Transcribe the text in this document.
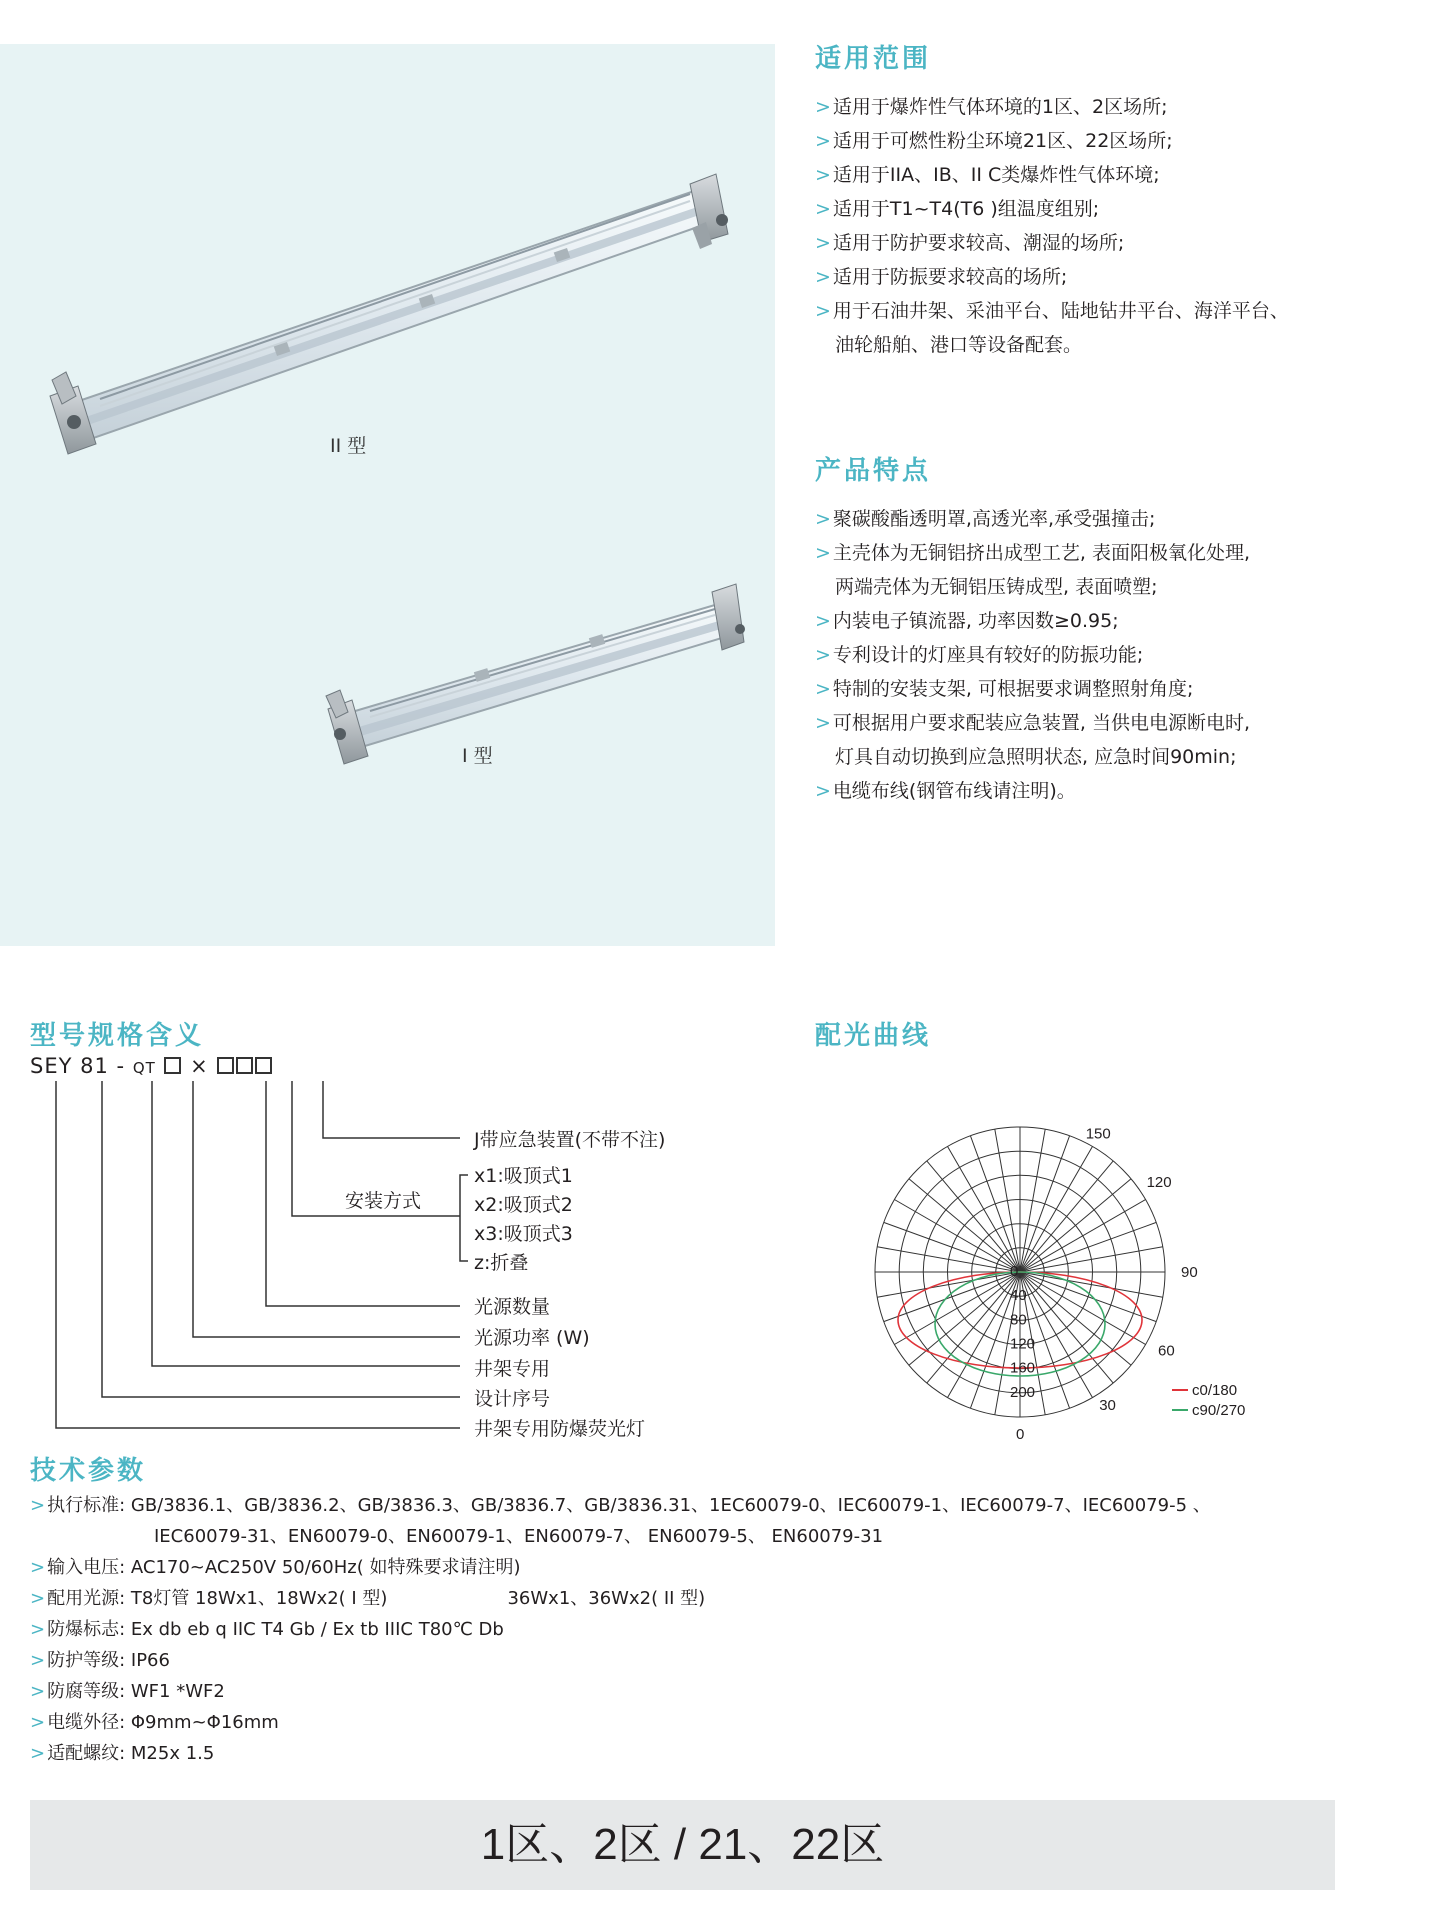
II 型
I 型
适用范围
> 适用于爆炸性气体环境的1区、2区场所;
> 适用于可燃性粉尘环境21区、22区场所;
> 适用于IIA、IB、II C类爆炸性气体环境;
> 适用于T1~T4(T6 )组温度组别;
> 适用于防护要求较高、潮湿的场所;
> 适用于防振要求较高的场所;
> 用于石油井架、采油平台、陆地钻井平台、海洋平台、
油轮船舶、港口等设备配套。
产品特点
> 聚碳酸酯透明罩,高透光率,承受强撞击;
> 主壳体为无铜铝挤出成型工艺, 表面阳极氧化处理,
两端壳体为无铜铝压铸成型, 表面喷塑;
> 内装电子镇流器, 功率因数≥0.95;
> 专利设计的灯座具有较好的防振功能;
> 特制的安装支架, 可根据要求调整照射角度;
> 可根据用户要求配装应急装置, 当供电电源断电时,
灯具自动切换到应急照明状态, 应急时间90min;
> 电缆布线(钢管布线请注明)。
型号规格含义
SEY 81 - QT ×
J带应急装置(不带不注)
安装方式
x1:吸顶式1
x2:吸顶式2
x3:吸顶式3
z:折叠
光源数量
光源功率 (W)
井架专用
设计序号
井架专用防爆荧光灯
配光曲线
150
120
90
60
30
0
0
40
80
120
160
200	c0/180
c90/270
技术参数
> 执行标准: GB/3836.1、GB/3836.2、GB/3836.3、GB/3836.7、GB/3836.31、1EC60079-0、IEC60079-1、IEC60079-7、IEC60079-5 、
IEC60079-31、EN60079-0、EN60079-1、EN60079-7、 EN60079-5、 EN60079-31
> 输入电压: AC170~AC250V 50/60Hz( 如特殊要求请注明)
> 配用光源: T8灯管 18Wx1、18Wx2( I 型)	36Wx1、36Wx2( II 型)
> 防爆标志: Ex db eb q IIC T4 Gb / Ex tb IIIC T80℃ Db
> 防护等级: IP66
> 防腐等级: WF1 *WF2
> 电缆外径: Φ9mm~Φ16mm
> 适配螺纹: M25x 1.5
1区、2区 / 21、22区
